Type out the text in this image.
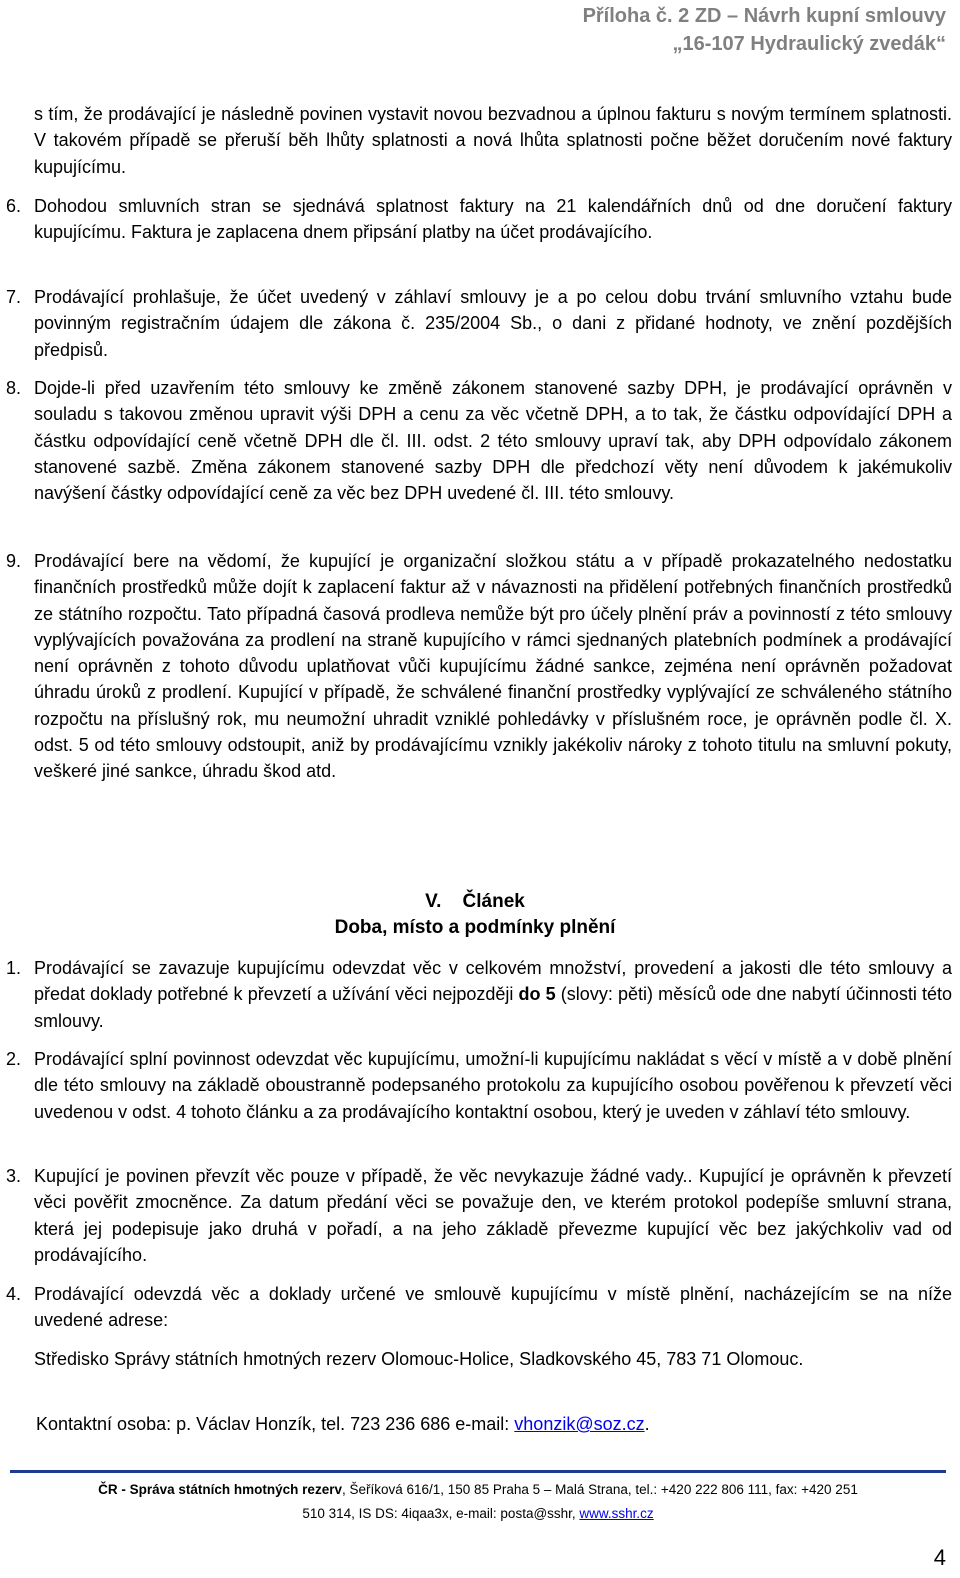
Příloha č. 2 ZD – Návrh kupní smlouvy
„16-107 Hydraulický zvedák“
s tím, že prodávající je následně povinen vystavit novou bezvadnou a úplnou fakturu s novým termínem splatnosti. V takovém případě se přeruší běh lhůty splatnosti a nová lhůta splatnosti počne běžet doručením nové faktury kupujícímu.
6. Dohodou smluvních stran se sjednává splatnost faktury na 21 kalendářních dnů od dne doručení faktury kupujícímu. Faktura je zaplacena dnem připsání platby na účet prodávajícího.
7. Prodávající prohlašuje, že účet uvedený v záhlaví smlouvy je a po celou dobu trvání smluvního vztahu bude povinným registračním údajem dle zákona č. 235/2004 Sb., o dani z přidané hodnoty, ve znění pozdějších předpisů.
8. Dojde-li před uzavřením této smlouvy ke změně zákonem stanovené sazby DPH, je prodávající oprávněn v souladu s takovou změnou upravit výši DPH a cenu za věc včetně DPH, a to tak, že částku odpovídající DPH a částku odpovídající ceně včetně DPH dle čl. III. odst. 2 této smlouvy upraví tak, aby DPH odpovídalo zákonem stanovené sazbě. Změna zákonem stanovené sazby DPH dle předchozí věty není důvodem k jakémukoliv navýšení částky odpovídající ceně za věc bez DPH uvedené čl. III. této smlouvy.
9. Prodávající bere na vědomí, že kupující je organizační složkou státu a v případě prokazatelného nedostatku finančních prostředků může dojít k zaplacení faktur až v návaznosti na přidělení potřebných finančních prostředků ze státního rozpočtu. Tato případná časová prodleva nemůže být pro účely plnění práv a povinností z této smlouvy vyplývajících považována za prodlení na straně kupujícího v rámci sjednaných platebních podmínek a prodávající není oprávněn z tohoto důvodu uplatňovat vůči kupujícímu žádné sankce, zejména není oprávněn požadovat úhradu úroků z prodlení. Kupující v případě, že schválené finanční prostředky vyplývající ze schváleného státního rozpočtu na příslušný rok, mu neumožní uhradit vzniklé pohledávky v příslušném roce, je oprávněn podle čl. X. odst. 5 od této smlouvy odstoupit, aniž by prodávajícímu vznikly jakékoliv nároky z tohoto titulu na smluvní pokuty, veškeré jiné sankce, úhradu škod atd.
V. Článek
Doba, místo a podmínky plnění
1. Prodávající se zavazuje kupujícímu odevzdat věc v celkovém množství, provedení a jakosti dle této smlouvy a předat doklady potřebné k převzetí a užívání věci nejpozději do 5 (slovy: pěti) měsíců ode dne nabytí účinnosti této smlouvy.
2. Prodávající splní povinnost odevzdat věc kupujícímu, umožní-li kupujícímu nakládat s věcí v místě a v době plnění dle této smlouvy na základě oboustranně podepsaného protokolu za kupujícího osobou pověřenou k převzetí věci uvedenou v odst. 4 tohoto článku a za prodávajícího kontaktní osobou, který je uveden v záhlaví této smlouvy.
3. Kupující je povinen převzít věc pouze v případě, že věc nevykazuje žádné vady.. Kupující je oprávněn k převzetí věci pověřit zmocněnce. Za datum předání věci se považuje den, ve kterém protokol podepíše smluvní strana, která jej podepisuje jako druhá v pořadí, a na jeho základě převezme kupující věc bez jakýchkoliv vad od prodávajícího.
4. Prodávající odevzdá věc a doklady určené ve smlouvě kupujícímu v místě plnění, nacházejícím se na níže uvedené adrese:
Středisko Správy státních hmotných rezerv Olomouc-Holice, Sladkovského 45, 783 71 Olomouc.
Kontaktní osoba: p. Václav Honzík, tel. 723 236 686 e-mail: vhonzik@soz.cz.
ČR - Správa státních hmotných rezerv, Šeříková 616/1, 150 85 Praha 5 – Malá Strana, tel.: +420 222 806 111, fax: +420 251
510 314, IS DS: 4iqaa3x, e-mail: posta@sshr, www.sshr.cz
4
